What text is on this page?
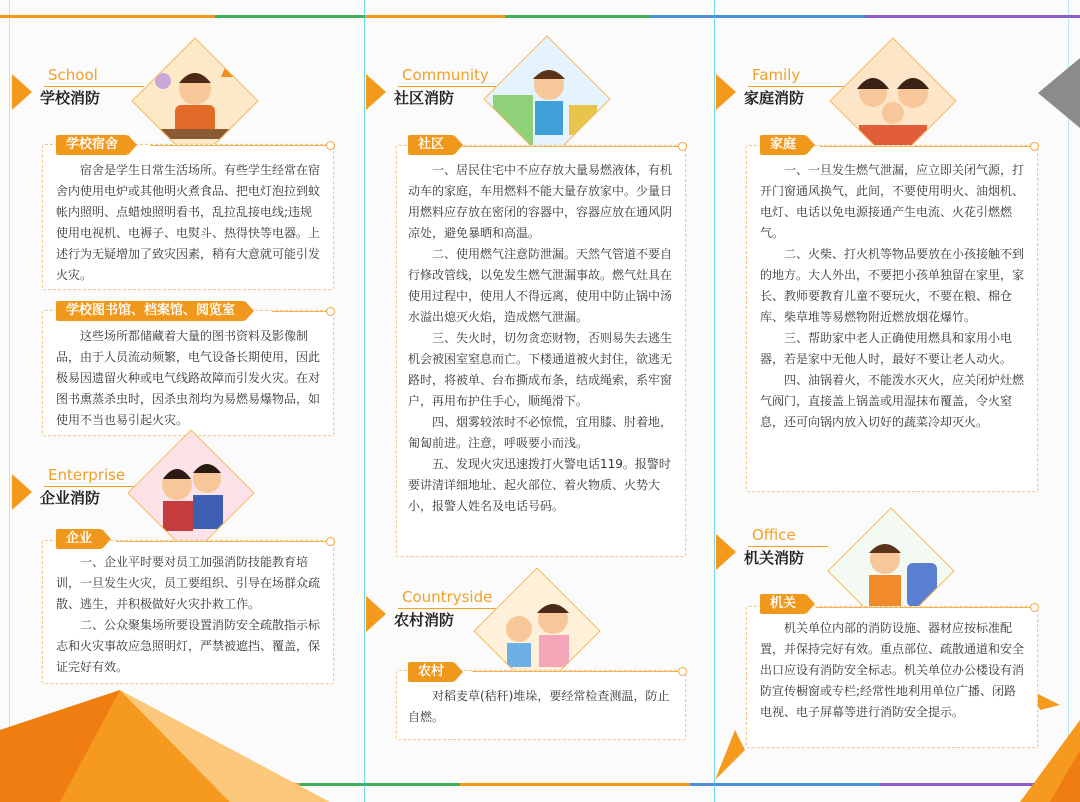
School
学校消防
学校宿舍

宿舍是学生日常生活场所。有些学生经常在宿舍内使用电炉或其他明火煮食品、把电灯泡拉到蚊帐内照明、点蜡烛照明看书，乱拉乱接电线;违规使用电视机、电褥子、电熨斗、热得快等电器。上述行为无疑增加了致灾因素，稍有大意就可能引发火灾。

学校图书馆、档案馆、阅览室

这些场所都储藏着大量的图书资料及影像制品，由于人员流动频繁，电气设备长期使用，因此极易因遗留火种或电气线路故障而引发火灾。在对图书熏蒸杀虫时，因杀虫剂均为易燃易爆物品，如使用不当也易引起火灾。

Enterprise
企业消防
企业

一、企业平时要对员工加强消防技能教育培训，一旦发生火灾，员工要组织、引导在场群众疏散、逃生，并积极做好火灾扑救工作。

二、公众聚集场所要设置消防安全疏散指示标志和火灾事故应急照明灯，严禁被遮挡、覆盖，保证完好有效。

Community
社区消防
社区

一、居民住宅中不应存放大量易燃液体，有机动车的家庭，车用燃料不能大量存放家中。少量日用燃料应存放在密闭的容器中，容器应放在通风阴凉处，避免暴晒和高温。

二、使用燃气注意防泄漏。天然气管道不要自行修改管线，以免发生燃气泄漏事故。燃气灶具在使用过程中，使用人不得远离，使用中防止锅中汤水溢出熄灭火焰，造成燃气泄漏。

三、失火时，切勿贪恋财物，否则易失去逃生机会被困室窒息而亡。下楼通道被火封住，欲逃无路时，将被单、台布撕成布条，结成绳索，系牢窗户，再用布护住手心，顺绳滑下。

四、烟雾较浓时不必惊慌，宜用膝、肘着地，匍匐前进。注意，呼吸要小而浅。

五、发现火灾迅速拨打火警电话119。报警时要讲清详细地址、起火部位、着火物质、火势大小，报警人姓名及电话号码。

Countryside
农村消防
农村

对稻麦草(秸秆)堆垛，要经常检查测温，防止自燃。

Family
家庭消防
家庭

一、一旦发生燃气泄漏，应立即关闭气源，打开门窗通风换气，此间，不要使用明火、油烟机、电灯、电话以免电源接通产生电流、火花引燃燃气。

二、火柴、打火机等物品要放在小孩接触不到的地方。大人外出，不要把小孩单独留在家里，家长、教师要教育儿童不要玩火，不要在粮、棉仓库、柴草堆等易燃物附近燃放烟花爆竹。

三、帮助家中老人正确使用燃具和家用小电器，若是家中无他人时，最好不要让老人动火。

四、油锅着火，不能泼水灭火，应关闭炉灶燃气阀门，直接盖上锅盖或用湿抹布覆盖，令火窒息，还可向锅内放入切好的蔬菜冷却灭火。

Office
机关消防
机关

机关单位内部的消防设施、器材应按标准配置，并保持完好有效。重点部位、疏散通道和安全出口应设有消防安全标志。机关单位办公楼设有消防宣传橱窗或专栏;经常性地利用单位广播、闭路电视、电子屏幕等进行消防安全提示。
